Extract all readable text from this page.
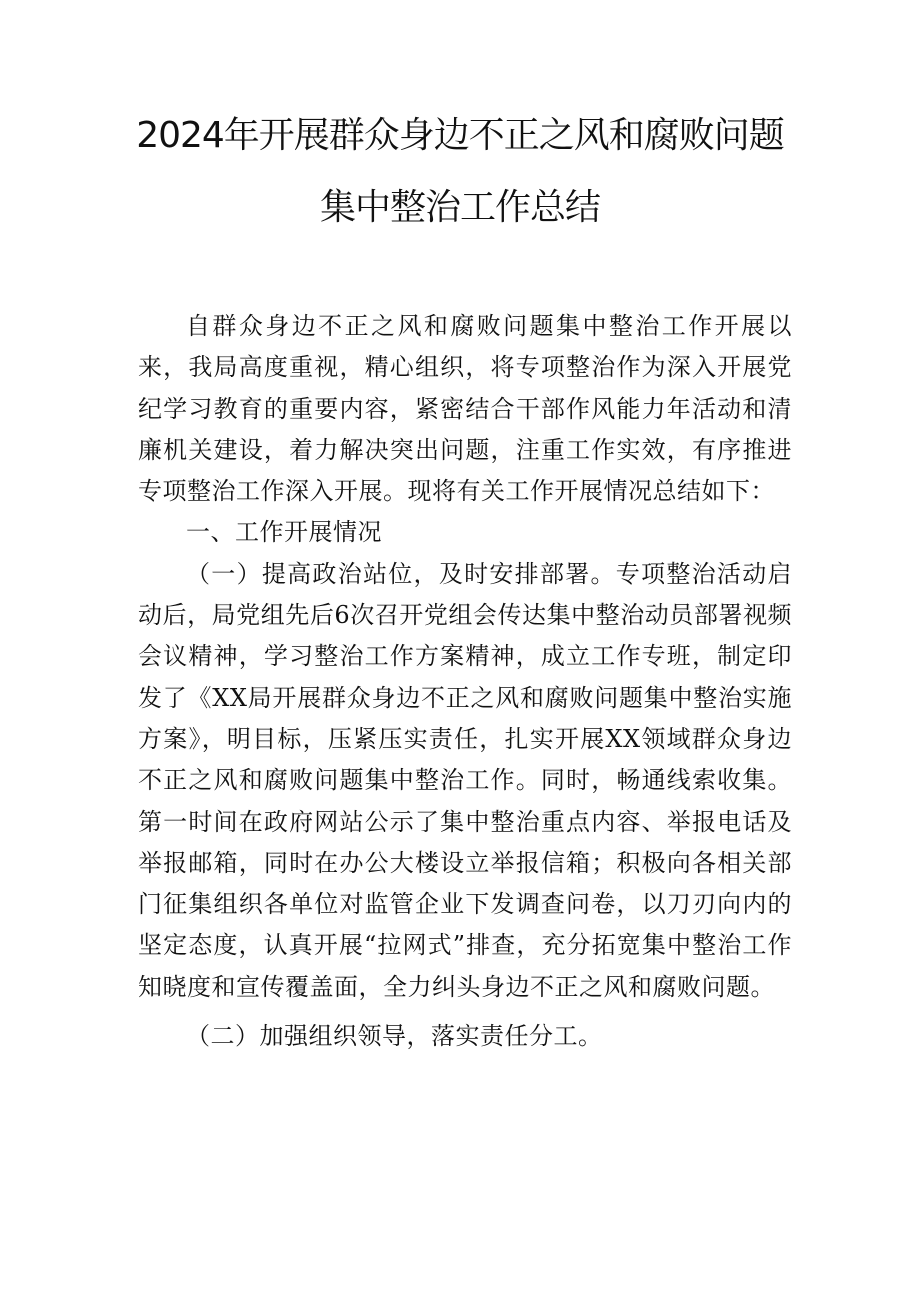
2024年开展群众身边不正之风和腐败问题
集中整治工作总结

自群众身边不正之风和腐败问题集中整治工作开展以来，我局高度重视，精心组织，将专项整治作为深入开展党纪学习教育的重要内容，紧密结合干部作风能力年活动和清廉机关建设，着力解决突出问题，注重工作实效，有序推进专项整治工作深入开展。现将有关工作开展情况总结如下：

一、工作开展情况

（一）提高政治站位，及时安排部署。专项整治活动启动后，局党组先后6次召开党组会传达集中整治动员部署视频会议精神，学习整治工作方案精神，成立工作专班，制定印发了《XX局开展群众身边不正之风和腐败问题集中整治实施方案》，明目标，压紧压实责任，扎实开展XX领域群众身边不正之风和腐败问题集中整治工作。同时，畅通线索收集。第一时间在政府网站公示了集中整治重点内容、举报电话及举报邮箱，同时在办公大楼设立举报信箱；积极向各相关部门征集组织各单位对监管企业下发调查问卷，以刀刃向内的坚定态度，认真开展“拉网式”排查，充分拓宽集中整治工作知晓度和宣传覆盖面，全力纠头身边不正之风和腐败问题。

（二）加强组织领导，落实责任分工。
